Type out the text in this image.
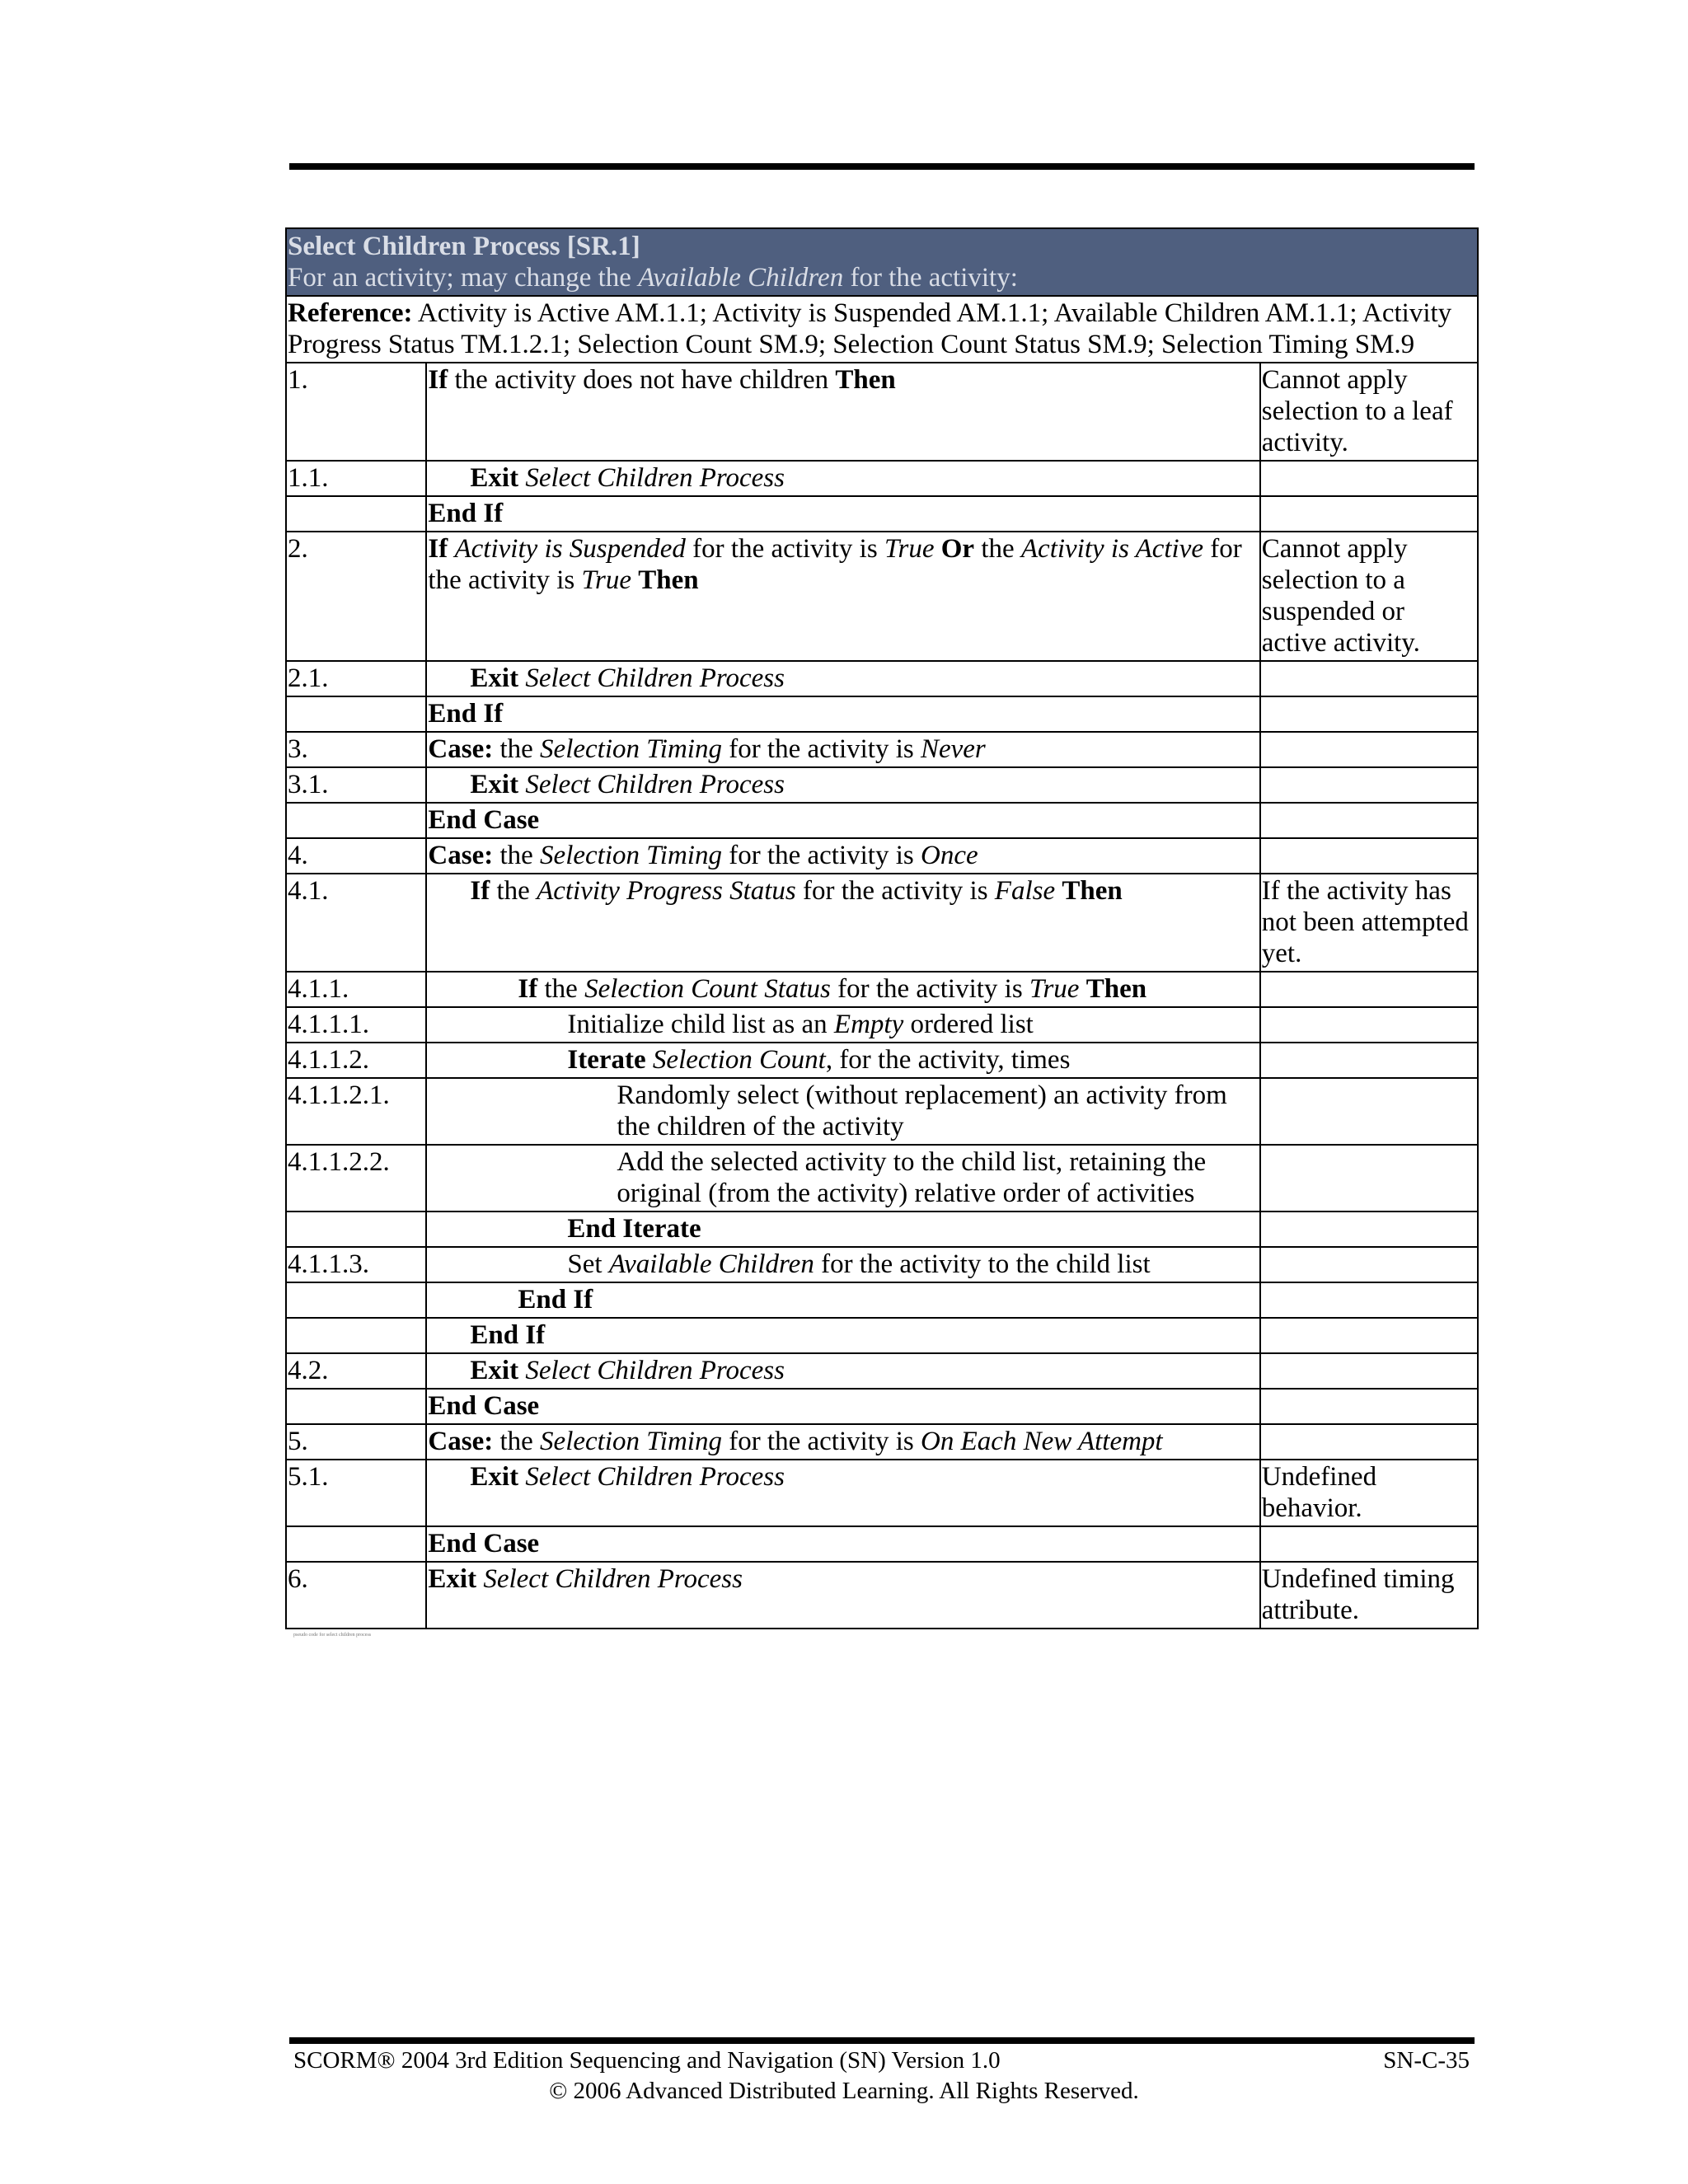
Select Children Process [SR.1]
For an activity; may change the Available Children for the activity:		

Reference: Activity is Active AM.1.1; Activity is Suspended AM.1.1; Available Children AM.1.1; Activity Progress Status TM.1.2.1; Selection Count SM.9; Selection Count Status SM.9; Selection Timing SM.9		
1.	If the activity does not have children Then	Cannot apply selection to a leaf activity.
1.1.	Exit Select Children Process	
	End If	
2.	If Activity is Suspended for the activity is True Or the Activity is Active for the activity is True Then	Cannot apply selection to a suspended or active activity.
2.1.	Exit Select Children Process	
	End If	
3.	Case: the Selection Timing for the activity is Never	
3.1.	Exit Select Children Process	
	End Case	
4.	Case: the Selection Timing for the activity is Once	
4.1.	If the Activity Progress Status for the activity is False Then	If the activity has not been attempted yet.
4.1.1.	If the Selection Count Status for the activity is True Then	
4.1.1.1.	Initialize child list as an Empty ordered list	
4.1.1.2.	Iterate Selection Count, for the activity, times	
4.1.1.2.1.	Randomly select (without replacement) an activity from the children of the activity	
4.1.1.2.2.	Add the selected activity to the child list, retaining the original (from the activity) relative order of activities	
	End Iterate	
4.1.1.3.	Set Available Children for the activity to the child list	
	End If	
	End If	
4.2.	Exit Select Children Process	
	End Case	
5.	Case: the Selection Timing for the activity is On Each New Attempt	
5.1.	Exit Select Children Process	Undefined behavior.
	End Case	
6.	Exit Select Children Process	Undefined timing attribute.
pseudo code for select children process
SCORM® 2004 3rd Edition Sequencing and Navigation (SN) Version 1.0	SN-C-35
© 2006 Advanced Distributed Learning. All Rights Reserved.
